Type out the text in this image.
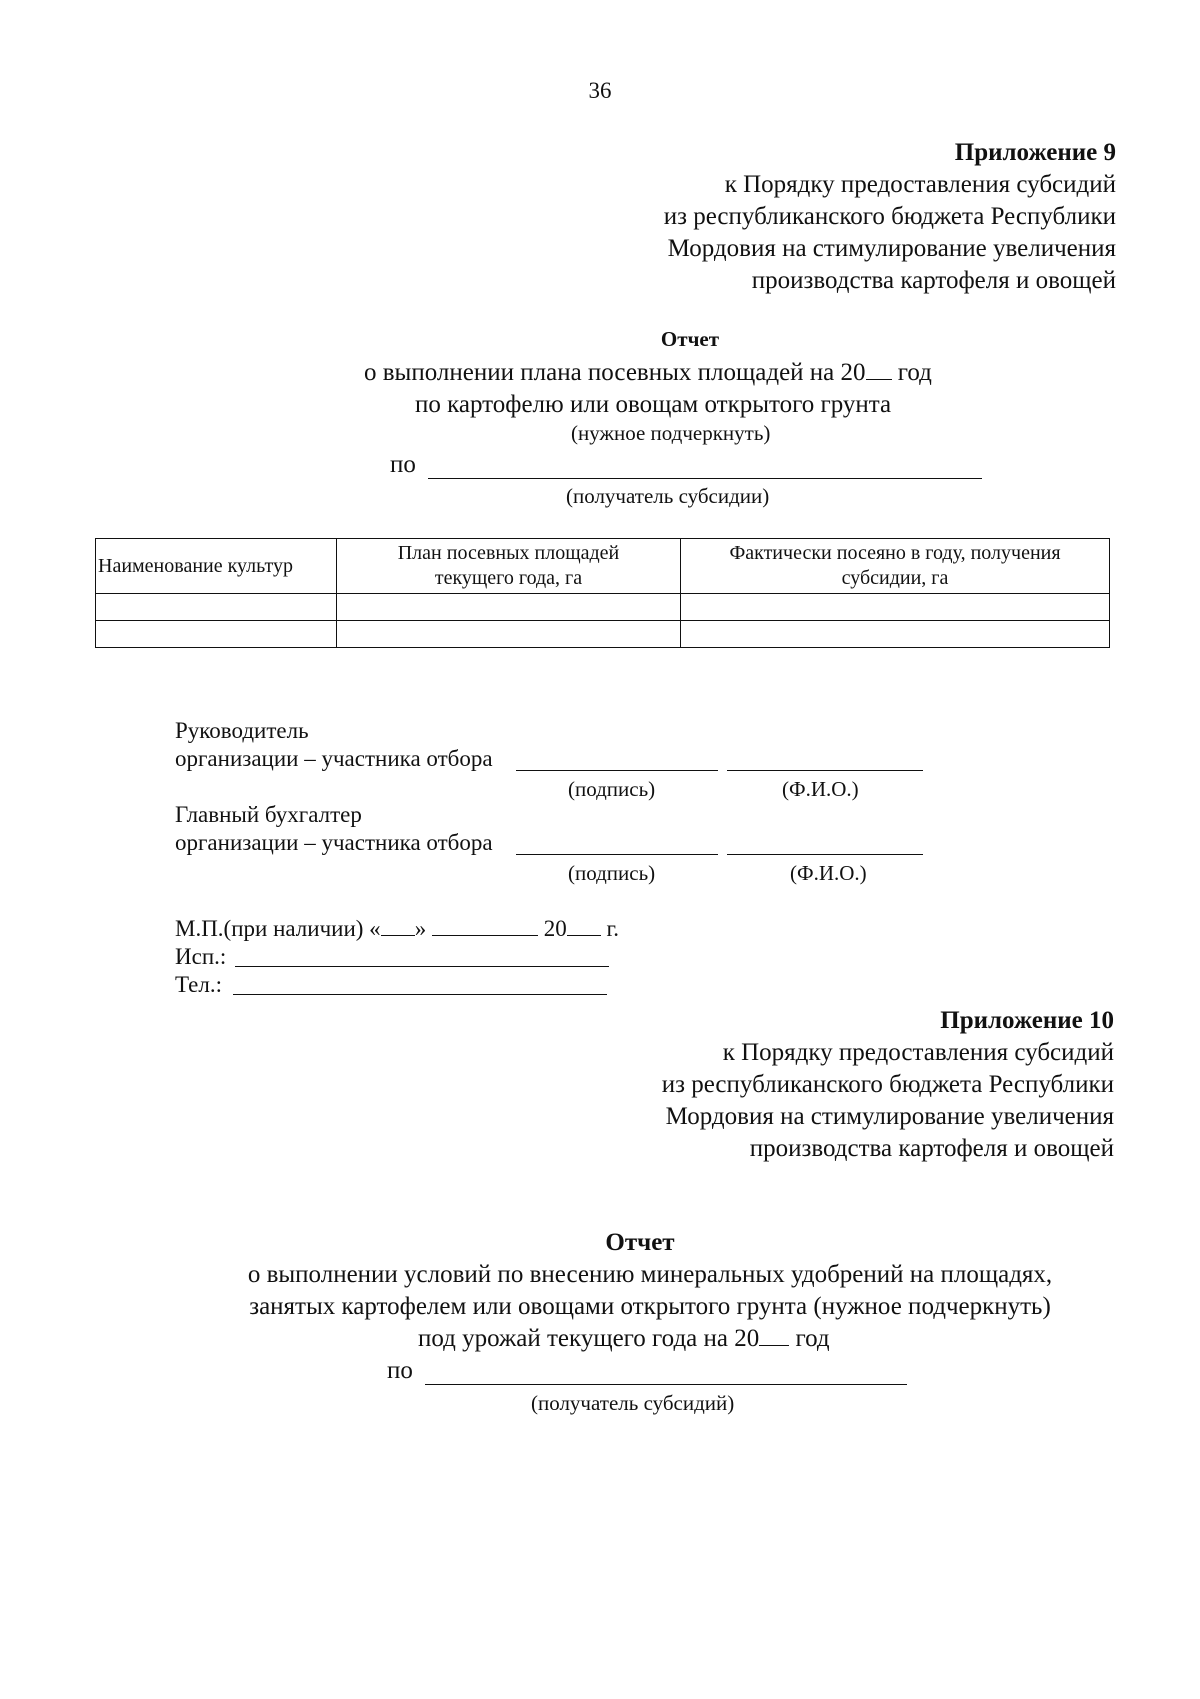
36
Приложение 9
к Порядку предоставления субсидий
из республиканского бюджета Республики
Мордовия на стимулирование увеличения
производства картофеля и овощей
Отчет
о выполнении плана посевных площадей на 20 год
по картофелю или овощам открытого грунта
(нужное подчеркнуть)
по
(получатель субсидии)
Наименование культур	План посевных площадей текущего года, га	Фактически посеяно в году, получения субсидии, га

Руководитель
организации – участника отбора
(подпись)	(Ф.И.О.)
Главный бухгалтер
организации – участника отбора
(подпись)	(Ф.И.О.)
М.П.(при наличии) « »	20 г.
Исп.:
Тел.:
Приложение 10
к Порядку предоставления субсидий
из республиканского бюджета Республики
Мордовия на стимулирование увеличения
производства картофеля и овощей
Отчет
о выполнении условий по внесению минеральных удобрений на площадях,
занятых картофелем или овощами открытого грунта (нужное подчеркнуть)
под урожай текущего года на 20 год
по
(получатель субсидий)
